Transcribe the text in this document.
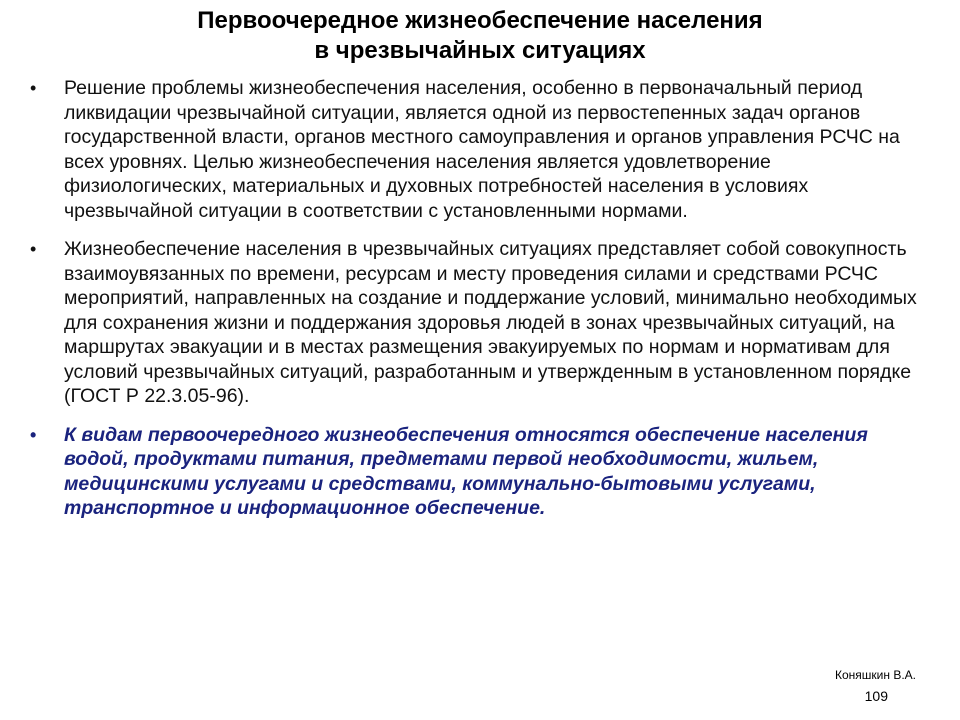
Первоочередное жизнеобеспечение населения
в чрезвычайных ситуациях
• Решение проблемы жизнеобеспечения населения, особенно в первоначальный период ликвидации чрезвычайной ситуации, является одной из первостепенных задач органов государственной власти, органов местного самоуправления и органов управления РСЧС на всех уровнях. Целью жизнеобеспечения населения является удовлетворение физиологических, материальных и духовных потребностей населения в условиях чрезвычайной ситуации в соответствии с установленными нормами.
• Жизнеобеспечение населения в чрезвычайных ситуациях представляет собой совокупность взаимоувязанных по времени, ресурсам и месту проведения силами и средствами РСЧС мероприятий, направленных на создание и поддержание условий, минимально необходимых для сохранения жизни и поддержания здоровья людей в зонах чрезвычайных ситуаций, на маршрутах эвакуации и в местах размещения эвакуируемых по нормам и нормативам для условий чрезвычайных ситуаций, разработанным и утвержденным в установленном порядке (ГОСТ Р 22.3.05-96).
• К видам первоочередного жизнеобеспечения относятся обеспечение населения водой, продуктами питания, предметами первой необходимости, жильем, медицинскими услугами и средствами, коммунально-бытовыми услугами, транспортное и информационное обеспечение.
Коняшкин В.А.
109
